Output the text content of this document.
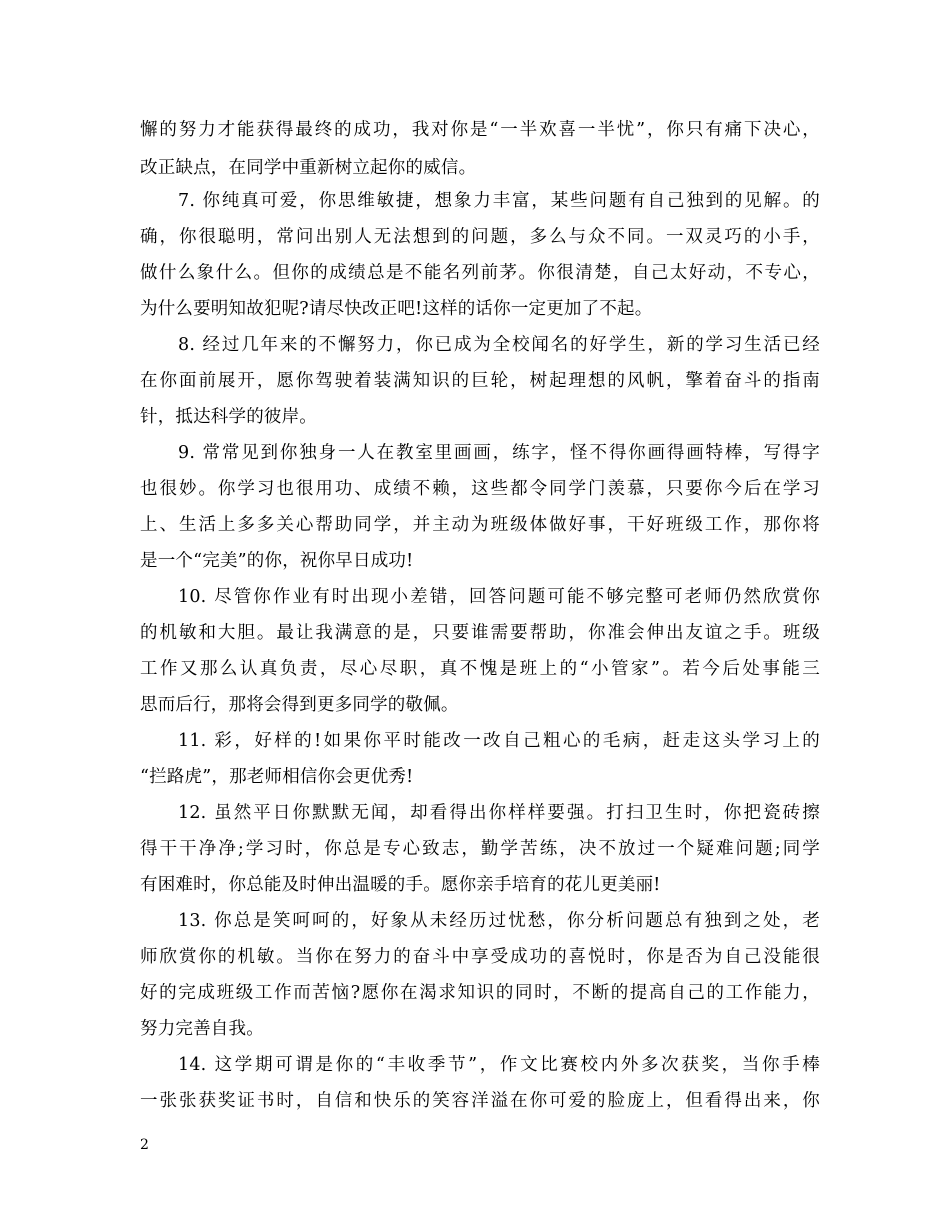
懈的努力才能获得最终的成功，我对你是“一半欢喜一半忧”，你只有痛下决心，
改正缺点，在同学中重新树立起你的威信。
7. 你纯真可爱，你思维敏捷，想象力丰富，某些问题有自己独到的见解。的
确，你很聪明，常问出别人无法想到的问题，多么与众不同。一双灵巧的小手，
做什么象什么。但你的成绩总是不能名列前茅。你很清楚，自己太好动，不专心，
为什么要明知故犯呢?请尽快改正吧!这样的话你一定更加了不起。
8. 经过几年来的不懈努力，你已成为全校闻名的好学生，新的学习生活已经
在你面前展开，愿你驾驶着装满知识的巨轮，树起理想的风帆，擎着奋斗的指南
针，抵达科学的彼岸。
9. 常常见到你独身一人在教室里画画，练字，怪不得你画得画特棒，写得字
也很妙。你学习也很用功、成绩不赖，这些都令同学门羡慕，只要你今后在学习
上、生活上多多关心帮助同学，并主动为班级体做好事，干好班级工作，那你将
是一个“完美”的你，祝你早日成功!
10. 尽管你作业有时出现小差错，回答问题可能不够完整可老师仍然欣赏你
的机敏和大胆。最让我满意的是，只要谁需要帮助，你准会伸出友谊之手。班级
工作又那么认真负责，尽心尽职，真不愧是班上的“小管家”。若今后处事能三
思而后行，那将会得到更多同学的敬佩。
11. 彩，好样的!如果你平时能改一改自己粗心的毛病，赶走这头学习上的
“拦路虎”，那老师相信你会更优秀!
12. 虽然平日你默默无闻，却看得出你样样要强。打扫卫生时，你把瓷砖擦
得干干净净;学习时，你总是专心致志，勤学苦练，决不放过一个疑难问题;同学
有困难时，你总能及时伸出温暖的手。愿你亲手培育的花儿更美丽!
13. 你总是笑呵呵的，好象从未经历过忧愁，你分析问题总有独到之处，老
师欣赏你的机敏。当你在努力的奋斗中享受成功的喜悦时，你是否为自己没能很
好的完成班级工作而苦恼?愿你在渴求知识的同时，不断的提高自己的工作能力，
努力完善自我。
14. 这学期可谓是你的“丰收季节”，作文比赛校内外多次获奖，当你手棒
一张张获奖证书时，自信和快乐的笑容洋溢在你可爱的脸庞上，但看得出来，你
2
